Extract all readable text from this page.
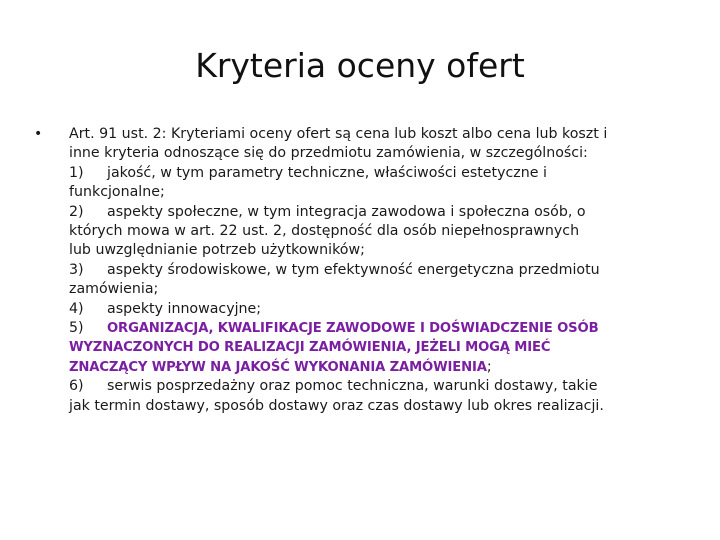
Kryteria oceny ofert
•	Art. 91 ust. 2: Kryteriami oceny ofert są cena lub koszt albo cena lub koszt i
inne kryteria odnoszące się do przedmiotu zamówienia, w szczególności:
1) jakość, w tym parametry techniczne, właściwości estetyczne i
funkcjonalne;
2) aspekty społeczne, w tym integracja zawodowa i społeczna osób, o
których mowa w art. 22 ust. 2, dostępność dla osób niepełnosprawnych
lub uwzględnianie potrzeb użytkowników;
3) aspekty środowiskowe, w tym efektywność energetyczna przedmiotu
zamówienia;
4) aspekty innowacyjne;
5) ORGANIZACJA, KWALIFIKACJE ZAWODOWE I DOŚWIADCZENIE OSÓB
WYZNACZONYCH DO REALIZACJI ZAMÓWIENIA, JEŻELI MOGĄ MIEĆ
ZNACZĄCY WPŁYW NA JAKOŚĆ WYKONANIA ZAMÓWIENIA;
6) serwis posprzedażny oraz pomoc techniczna, warunki dostawy, takie
jak termin dostawy, sposób dostawy oraz czas dostawy lub okres realizacji.
